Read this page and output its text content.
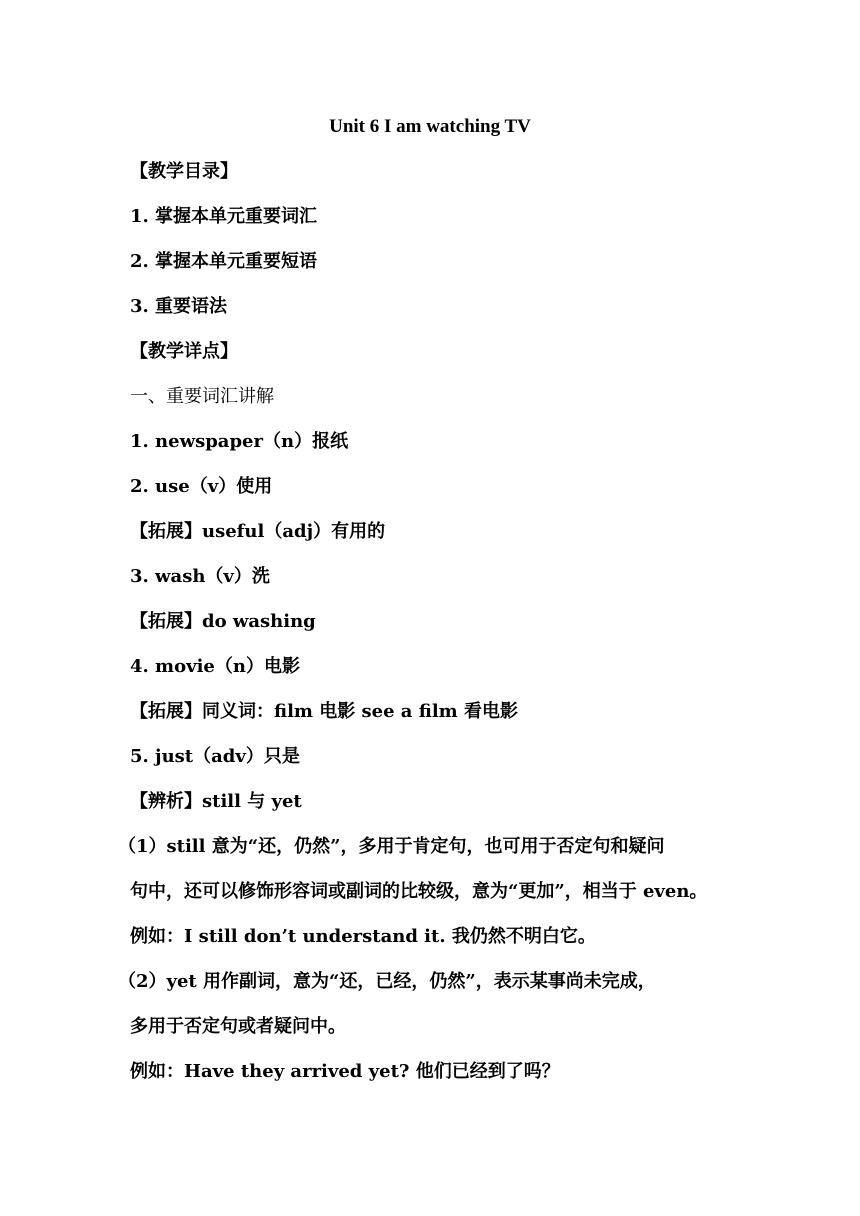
Unit 6 I am watching TV
【教学目录】
1. 掌握本单元重要词汇
2. 掌握本单元重要短语
3. 重要语法
【教学详点】
一、重要词汇讲解
1. newspaper（n）报纸
2. use（v）使用
【拓展】useful（adj）有用的
3. wash（v）洗
【拓展】do washing
4. movie（n）电影
【拓展】同义词：film 电影 see a film 看电影
5. just（adv）只是
【辨析】still 与 yet
（1）still 意为“还，仍然”，多用于肯定句，也可用于否定句和疑问
句中，还可以修饰形容词或副词的比较级，意为“更加”，相当于 even。
例如：I still don’t understand it. 我仍然不明白它。
（2）yet 用作副词，意为“还，已经，仍然”，表示某事尚未完成，
多用于否定句或者疑问中。
例如：Have they arrived yet? 他们已经到了吗？
